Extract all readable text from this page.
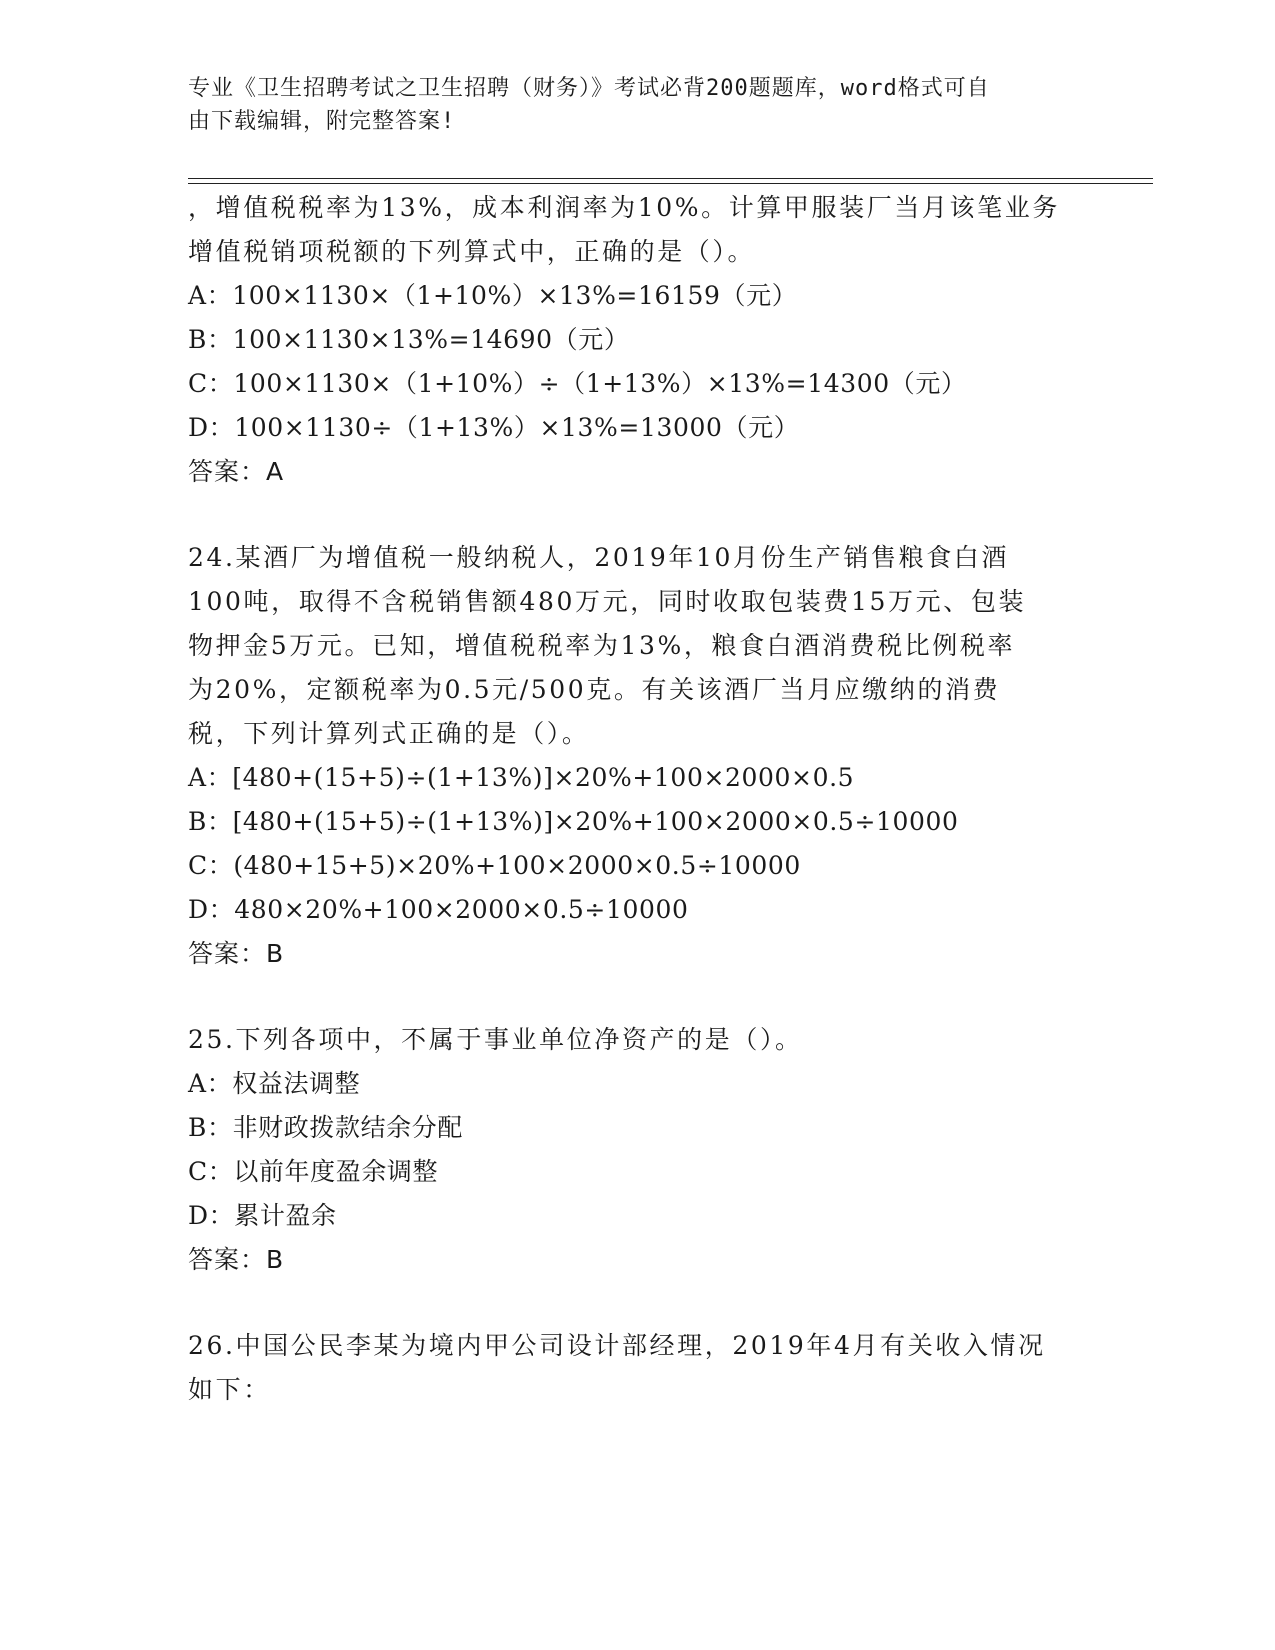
专业《卫生招聘考试之卫生招聘（财务）》考试必背200题题库，word格式可自
由下载编辑，附完整答案!
，增值税税率为13%，成本利润率为10%。计算甲服装厂当月该笔业务
增值税销项税额的下列算式中，正确的是（）。
A：100×1130×（1+10%）×13%=16159（元）
B：100×1130×13%=14690（元）
C：100×1130×（1+10%）÷（1+13%）×13%=14300（元）
D：100×1130÷（1+13%）×13%=13000（元）
答案：A
24.某酒厂为增值税一般纳税人，2019年10月份生产销售粮食白酒
100吨，取得不含税销售额480万元，同时收取包装费15万元、包装
物押金5万元。已知，增值税税率为13%，粮食白酒消费税比例税率
为20%，定额税率为0.5元/500克。有关该酒厂当月应缴纳的消费
税，下列计算列式正确的是（）。
A：[480+(15+5)÷(1+13%)]×20%+100×2000×0.5
B：[480+(15+5)÷(1+13%)]×20%+100×2000×0.5÷10000
C：(480+15+5)×20%+100×2000×0.5÷10000
D：480×20%+100×2000×0.5÷10000
答案：B
25.下列各项中，不属于事业单位净资产的是（）。
A：权益法调整
B：非财政拨款结余分配
C：以前年度盈余调整
D：累计盈余
答案：B
26.中国公民李某为境内甲公司设计部经理，2019年4月有关收入情况
如下：
